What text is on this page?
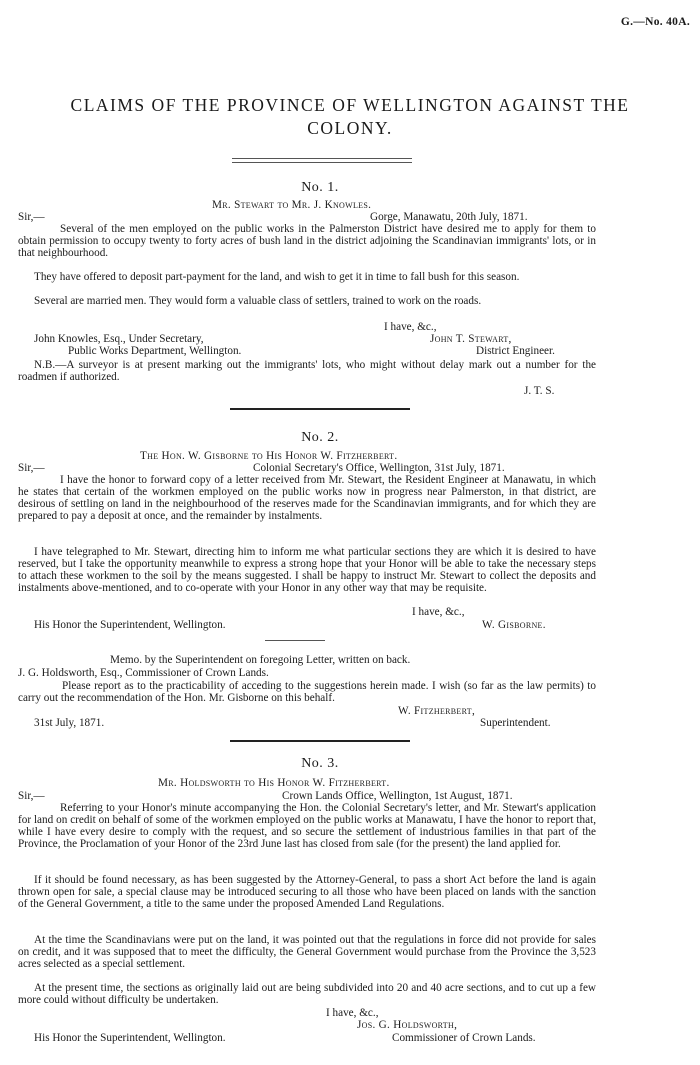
G.—No. 40A.
CLAIMS OF THE PROVINCE OF WELLINGTON AGAINST THE
COLONY.
No. 1.
Mr. Stewart to Mr. J. Knowles.
Sir,—	Gorge, Manawatu, 20th July, 1871.
Several of the men employed on the public works in the Palmerston District have desired me to apply for them to obtain permission to occupy twenty to forty acres of bush land in the district adjoining the Scandinavian immigrants' lots, or in that neighbourhood.
They have offered to deposit part-payment for the land, and wish to get it in time to fall bush for this season.
Several are married men. They would form a valuable class of settlers, trained to work on the roads.
I have, &c.,
John Knowles, Esq., Under Secretary,	John T. Stewart,
Public Works Department, Wellington.	District Engineer.
N.B.—A surveyor is at present marking out the immigrants' lots, who might without delay mark out a number for the roadmen if authorized.
J. T. S.
No. 2.
The Hon. W. Gisborne to His Honor W. Fitzherbert.
Sir,—	Colonial Secretary's Office, Wellington, 31st July, 1871.
I have the honor to forward copy of a letter received from Mr. Stewart, the Resident Engineer at Manawatu, in which he states that certain of the workmen employed on the public works now in progress near Palmerston, in that district, are desirous of settling on land in the neighbourhood of the reserves made for the Scandinavian immigrants, and for which they are prepared to pay a deposit at once, and the remainder by instalments.
I have telegraphed to Mr. Stewart, directing him to inform me what particular sections they are which it is desired to have reserved, but I take the opportunity meanwhile to express a strong hope that your Honor will be able to take the necessary steps to attach these workmen to the soil by the means suggested. I shall be happy to instruct Mr. Stewart to collect the deposits and instalments above-mentioned, and to co-operate with your Honor in any other way that may be requisite.
I have, &c.,
His Honor the Superintendent, Wellington.	W. Gisborne.
Memo. by the Superintendent on foregoing Letter, written on back.
J. G. Holdsworth, Esq., Commissioner of Crown Lands.
Please report as to the practicability of acceding to the suggestions herein made. I wish (so far as the law permits) to carry out the recommendation of the Hon. Mr. Gisborne on this behalf.
W. Fitzherbert,
31st July, 1871.	Superintendent.
No. 3.
Mr. Holdsworth to His Honor W. Fitzherbert.
Sir,—	Crown Lands Office, Wellington, 1st August, 1871.
Referring to your Honor's minute accompanying the Hon. the Colonial Secretary's letter, and Mr. Stewart's application for land on credit on behalf of some of the workmen employed on the public works at Manawatu, I have the honor to report that, while I have every desire to comply with the request, and so secure the settlement of industrious families in that part of the Province, the Proclamation of your Honor of the 23rd June last has closed from sale (for the present) the land applied for.
If it should be found necessary, as has been suggested by the Attorney-General, to pass a short Act before the land is again thrown open for sale, a special clause may be introduced securing to all those who have been placed on lands with the sanction of the General Government, a title to the same under the proposed Amended Land Regulations.
At the time the Scandinavians were put on the land, it was pointed out that the regulations in force did not provide for sales on credit, and it was supposed that to meet the difficulty, the General Government would purchase from the Province the 3,523 acres selected as a special settlement.
At the present time, the sections as originally laid out are being subdivided into 20 and 40 acre sections, and to cut up a few more could without difficulty be undertaken.
I have, &c.,
Jos. G. Holdsworth,
His Honor the Superintendent, Wellington.	Commissioner of Crown Lands.
